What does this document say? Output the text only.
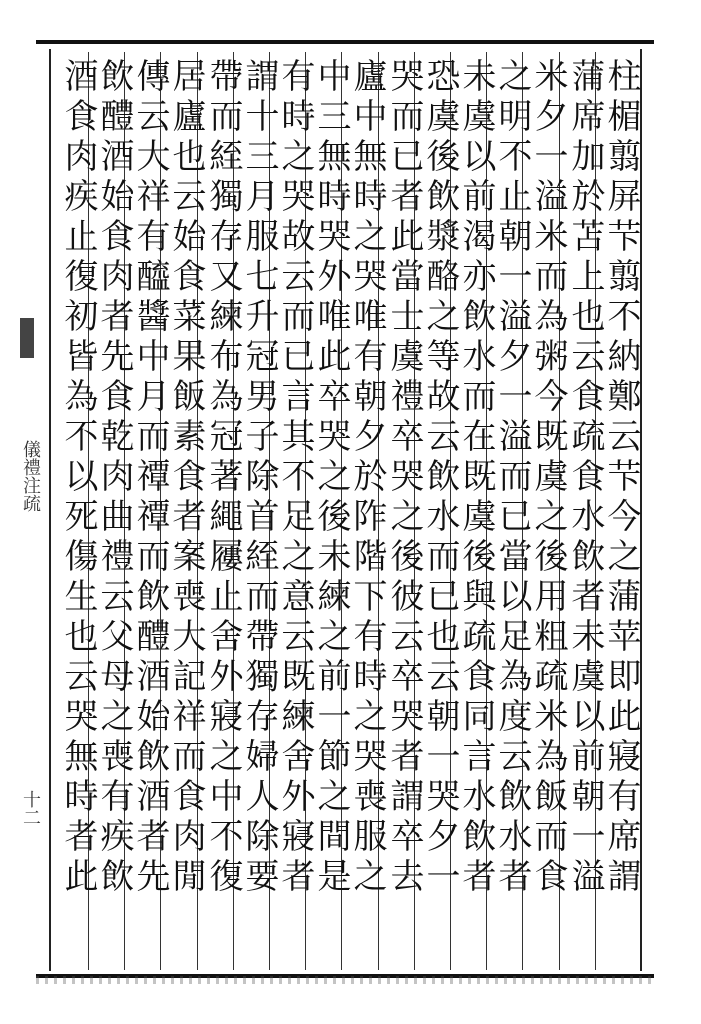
柱楣翦屏芐翦不納鄭云芐今之蒲苹即此寢有席謂
蒲席加於苫上也云食疏食水飲者未虞以前朝一溢
米夕一溢米而為粥今既虞之後用粗疏米為飯而食
之明不止朝一溢夕一溢而已當以足為度云飲水者
未虞以前渴亦飲水而在既虞後與疏食同言水飲者
恐虞後飲漿酪之等故云飲水而已也云朝一哭夕一
哭而已者此當士虞禮卒哭之後彼云卒哭者謂卒去
廬中無時之哭唯有朝夕於阼階下有時之哭喪服之
中三無時哭外唯此卒哭之後未練之前一節之間是
有時之哭故云而已言其不足之意云既練舍外寢者
謂十三月服七升冠男子除首絰而帶獨存婦人除要
帶而絰獨存又練布為冠著繩屨止舍外寢之中不復
居廬也云始食菜果飯素食者案喪大記祥而食肉閒
傳云大祥有醯醬中月而禫禫而飲醴酒始飲酒者先
飲醴酒始食肉者先食乾肉曲禮云父母之喪有疾飲
酒食肉疾止復初皆為不以死傷生也云哭無時者此
儀禮注疏
十二
